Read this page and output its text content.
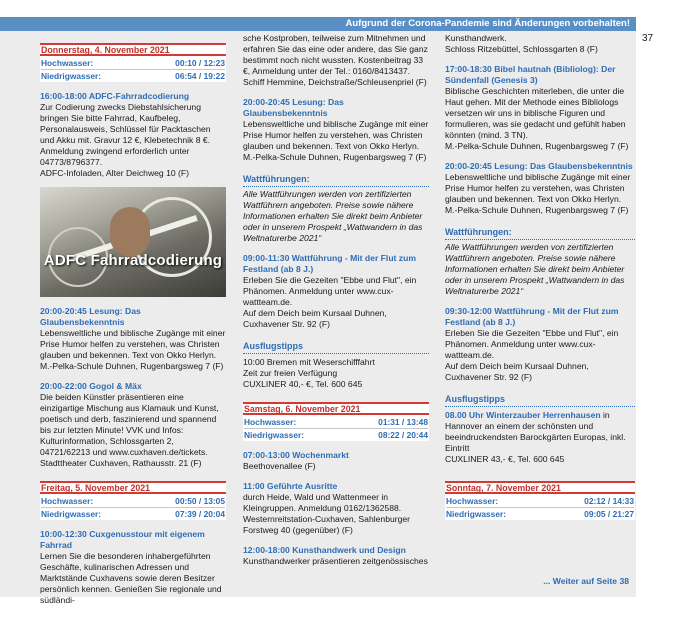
Aufgrund der Corona-Pandemie sind Änderungen vorbehalten!
37
Donnerstag, 4. November 2021
Hochwasser:	00:10 / 12:23
Niedrigwasser:	06:54 / 19:22
16:00-18:00 ADFC-Fahrradcodierung
Zur Codierung zwecks Diebstahlsicherung bringen Sie bitte Fahrrad, Kaufbeleg, Personalausweis, Schlüssel für Packtaschen und Akku mit. Gravur 12 €, Klebetechnik 8 €. Anmeldung zwingend erforderlich unter 04773/8796377.
ADFC-Infoladen, Alter Deichweg 10 (F)
ADFC Fahrradcodierung
20:00-20:45 Lesung: Das Glaubensbekenntnis
Lebensweltliche und biblische Zugänge mit einer Prise Humor helfen zu verstehen, was Christen glauben und bekennen. Text von Okko Herlyn.
M.-Pelka-Schule Duhnen, Rugenbargsweg 7 (F)
20:00-22:00 Gogol & Mäx
Die beiden Künstler präsentieren eine einzigartige Mischung aus Klamauk und Kunst, poetisch und derb, faszinierend und spannend bis zur letzten Minute! VVK und Infos: Kulturinformation, Schlossgarten 2, 04721/62213 und www.cuxhaven.de/tickets.
Stadttheater Cuxhaven, Rathausstr. 21 (F)
Freitag, 5. November 2021
Hochwasser:	00:50 / 13:05
Niedrigwasser:	07:39 / 20:04
10:00-12:30 Cuxgenusstour mit eigenem Fahrrad
Lernen Sie die besonderen inhabergeführten Geschäfte, kulinarischen Adressen und Marktstände Cuxhavens sowie deren Besitzer persönlich kennen. Genießen Sie regionale und südländi-
sche Kostproben, teilweise zum Mitnehmen und erfahren Sie das eine oder andere, das Sie ganz bestimmt noch nicht wussten. Kostenbeitrag 33 €, Anmeldung unter der Tel.: 0160/8413437.
Schiff Hemmine, Deichstraße/Schleusenpriel (F)
20:00-20:45 Lesung: Das Glaubensbekenntnis
Lebensweltliche und biblische Zugänge mit einer Prise Humor helfen zu verstehen, was Christen glauben und bekennen. Text von Okko Herlyn.
M.-Pelka-Schule Duhnen, Rugenbargsweg 7 (F)
Wattführungen:
Alle Wattführungen werden von zertifizierten Wattführern angeboten. Preise sowie nähere Informationen erhalten Sie direkt beim Anbieter oder in unserem Prospekt „Wattwandern in das Weltnaturerbe 2021“
09:00-11:30 Wattführung - Mit der Flut zum Festland (ab 8 J.)
Erleben Sie die Gezeiten "Ebbe und Flut", ein Phänomen. Anmeldung unter www.cux-wattteam.de.
Auf dem Deich beim Kursaal Duhnen, Cuxhavener Str. 92 (F)
Ausflugstipps
10:00 Bremen mit Weserschifffahrt
Zeit zur freien Verfügung
CUXLINER 40,- €, Tel. 600 645
Samstag, 6. November 2021
Hochwasser:	01:31 / 13:48
Niedrigwasser:	08:22 / 20:44
07:00-13:00 Wochenmarkt
Beethovenallee (F)
11:00 Geführte Ausritte
durch Heide, Wald und Wattenmeer in Kleingruppen. Anmeldung 0162/1362588.
Westernreitstation-Cuxhaven, Sahlenburger Forstweg 40 (gegenüber) (F)
12:00-18:00 Kunsthandwerk und Design
Kunsthandwerker präsentieren zeitgenössisches
Kunsthandwerk.
Schloss Ritzebüttel, Schlossgarten 8 (F)
17:00-18:30 Bibel hautnah (Bibliolog): Der Sündenfall (Genesis 3)
Biblische Geschichten miterleben, die unter die Haut gehen. Mit der Methode eines Bibliologs versetzen wir uns in biblische Figuren und formulieren, was sie gedacht und gefühlt haben könnten (mind. 3 TN).
M.-Pelka-Schule Duhnen, Rugenbargsweg 7 (F)
20:00-20:45 Lesung: Das Glaubensbekenntnis
Lebensweltliche und biblische Zugänge mit einer Prise Humor helfen zu verstehen, was Christen glauben und bekennen. Text von Okko Herlyn.
M.-Pelka-Schule Duhnen, Rugenbargsweg 7 (F)
Wattführungen:
Alle Wattführungen werden von zertifizierten Wattführern angeboten. Preise sowie nähere Informationen erhalten Sie direkt beim Anbieter oder in unserem Prospekt „Wattwandern in das Weltnaturerbe 2021“
09:30-12:00 Wattführung - Mit der Flut zum Festland (ab 8 J.)
Erleben Sie die Gezeiten "Ebbe und Flut", ein Phänomen. Anmeldung unter www.cux-wattteam.de.
Auf dem Deich beim Kursaal Duhnen, Cuxhavener Str. 92 (F)
Ausflugstipps
08.00 Uhr Winterzauber Herrenhausen in Hannover an einem der schönsten und beeindruckendsten Barockgärten Europas, inkl. Eintritt
CUXLINER 43,- €, Tel. 600 645
Sonntag, 7. November 2021
Hochwasser:	02:12 / 14:33
Niedrigwasser:	09:05 / 21:27
... Weiter auf Seite 38
